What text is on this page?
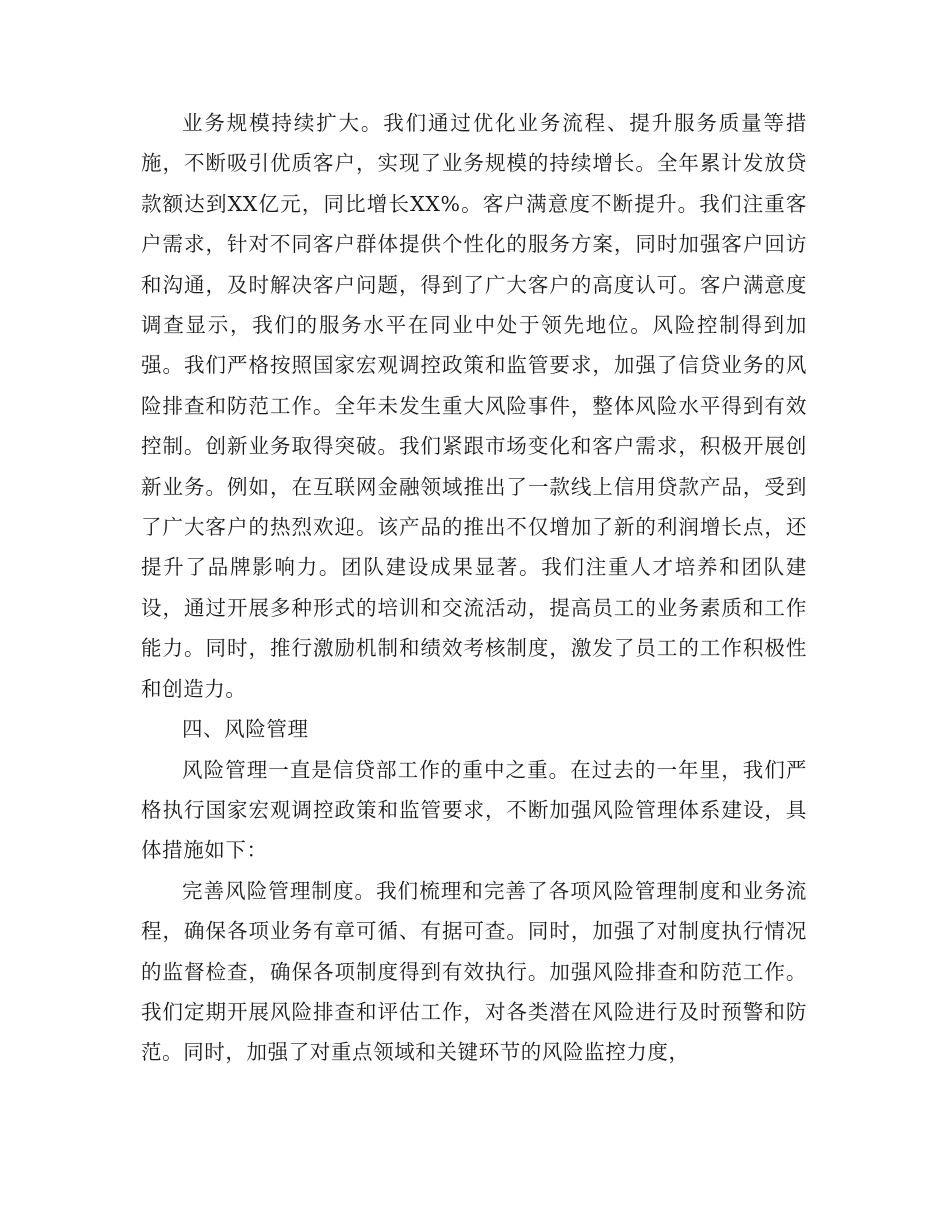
业务规模持续扩大。我们通过优化业务流程、提升服务质量等措施，不断吸引优质客户，实现了业务规模的持续增长。全年累计发放贷款额达到XX亿元，同比增长XX%。客户满意度不断提升。我们注重客户需求，针对不同客户群体提供个性化的服务方案，同时加强客户回访和沟通，及时解决客户问题，得到了广大客户的高度认可。客户满意度调查显示，我们的服务水平在同业中处于领先地位。风险控制得到加强。我们严格按照国家宏观调控政策和监管要求，加强了信贷业务的风险排查和防范工作。全年未发生重大风险事件，整体风险水平得到有效控制。创新业务取得突破。我们紧跟市场变化和客户需求，积极开展创新业务。例如，在互联网金融领域推出了一款线上信用贷款产品，受到了广大客户的热烈欢迎。该产品的推出不仅增加了新的利润增长点，还提升了品牌影响力。团队建设成果显著。我们注重人才培养和团队建设，通过开展多种形式的培训和交流活动，提高员工的业务素质和工作能力。同时，推行激励机制和绩效考核制度，激发了员工的工作积极性和创造力。

四、风险管理

风险管理一直是信贷部工作的重中之重。在过去的一年里，我们严格执行国家宏观调控政策和监管要求，不断加强风险管理体系建设，具体措施如下：

完善风险管理制度。我们梳理和完善了各项风险管理制度和业务流程，确保各项业务有章可循、有据可查。同时，加强了对制度执行情况的监督检查，确保各项制度得到有效执行。加强风险排查和防范工作。我们定期开展风险排查和评估工作，对各类潜在风险进行及时预警和防范。同时，加强了对重点领域和关键环节的风险监控力度，
